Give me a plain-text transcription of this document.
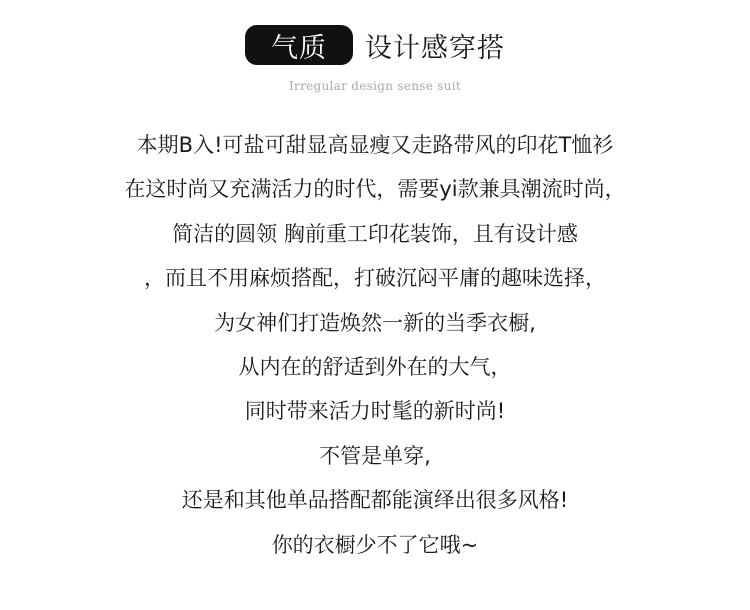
气质	设计感穿搭
Irregular design sense suit
本期B入!可盐可甜显高显瘦又走路带风的印花T恤衫
在这时尚又充满活力的时代，需要yi款兼具潮流时尚，
简洁的圆领 胸前重工印花装饰，且有设计感
，而且不用麻烦搭配，打破沉闷平庸的趣味选择，
为女神们打造焕然一新的当季衣橱,
从内在的舒适到外在的大气，
同时带来活力时髦的新时尚!
不管是单穿,
还是和其他单品搭配都能演绎出很多风格!
你的衣橱少不了它哦~
